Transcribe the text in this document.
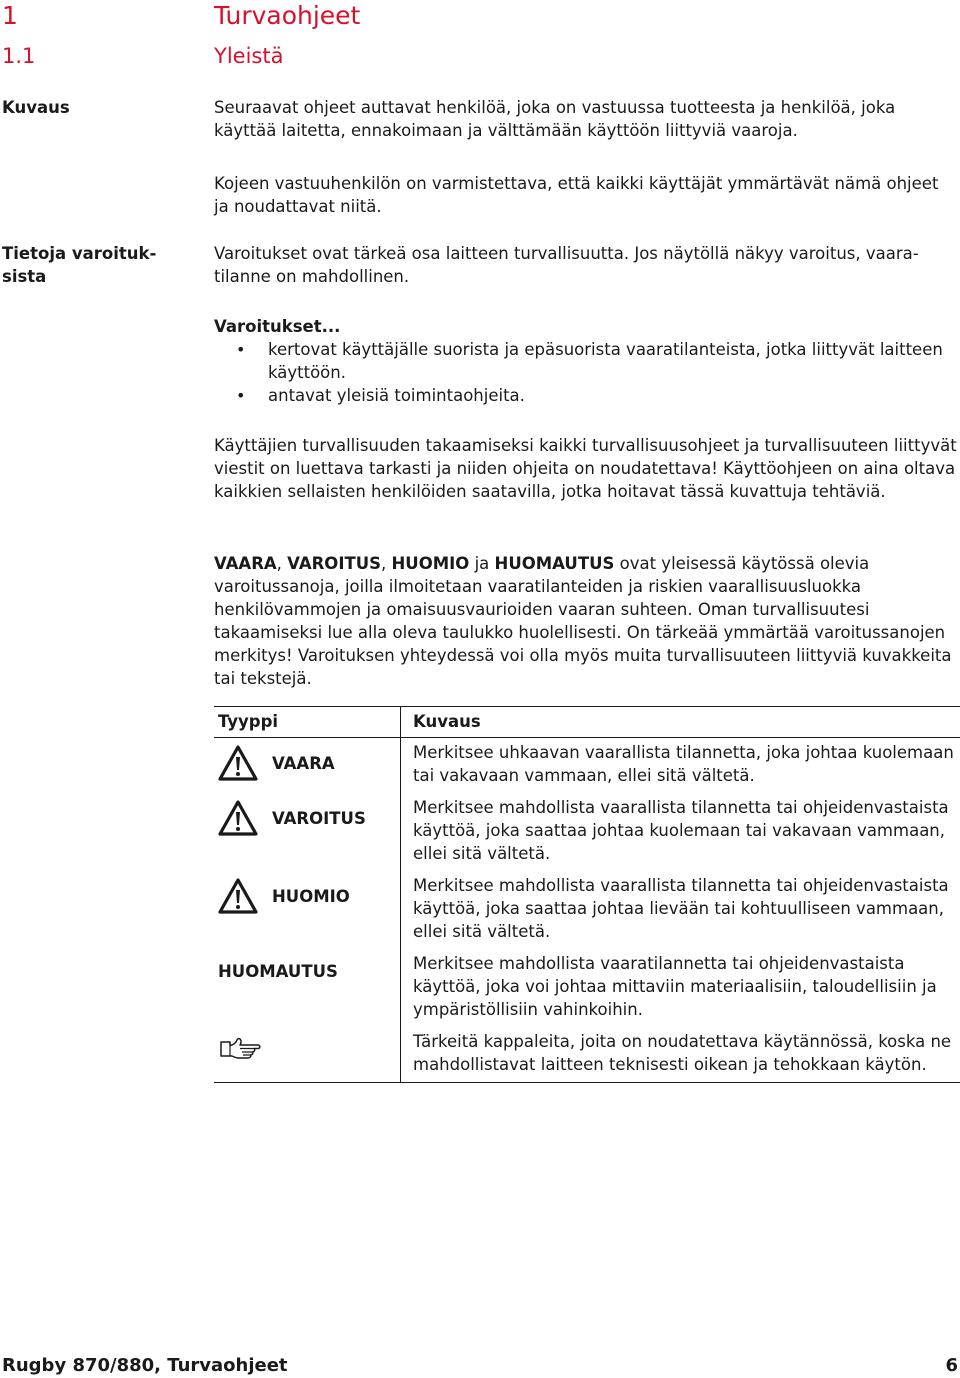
1	Turvaohjeet
1.1	Yleistä
Kuvaus	Seuraavat ohjeet auttavat henkilöä, joka on vastuussa tuotteesta ja henkilöä, joka käyttää laitetta, ennakoimaan ja välttämään käyttöön liittyviä vaaroja.

Kojeen vastuuhenkilön on varmistettava, että kaikki käyttäjät ymmärtävät nämä ohjeet ja noudattavat niitä.

Tietoja varoituk-
sista

Varoitukset ovat tärkeä osa laitteen turvallisuutta. Jos näytöllä näkyy varoitus, vaara-tilanne on mahdollinen.

Varoitukset...

• kertovat käyttäjälle suorista ja epäsuorista vaaratilanteista, jotka liittyvät laitteen käyttöön.
• antavat yleisiä toimintaohjeita.

Käyttäjien turvallisuuden takaamiseksi kaikki turvallisuusohjeet ja turvallisuuteen liittyvät viestit on luettava tarkasti ja niiden ohjeita on noudatettava! Käyttöohjeen on aina oltava kaikkien sellaisten henkilöiden saatavilla, jotka hoitavat tässä kuvattuja tehtäviä.

VAARA, VAROITUS, HUOMIO ja HUOMAUTUS ovat yleisessä käytössä olevia varoitussanoja, joilla ilmoitetaan vaaratilanteiden ja riskien vaarallisuusluokka henkilövammojen ja omaisuusvaurioiden vaaran suhteen. Oman turvallisuutesi takaamiseksi lue alla oleva taulukko huolellisesti. On tärkeää ymmärtää varoitussanojen merkitys! Varoituksen yhteydessä voi olla myös muita turvallisuuteen liittyviä kuvakkeita tai tekstejä.

Tyyppi	Kuvaus

VAARA	Merkitsee uhkaavan vaarallista tilannetta, joka johtaa kuolemaan tai vakavaan vammaan, ellei sitä vältetä.

VAROITUS	Merkitsee mahdollista vaarallista tilannetta tai ohjeidenvastaista käyttöä, joka saattaa johtaa kuolemaan tai vakavaan vammaan, ellei sitä vältetä.

HUOMIO	Merkitsee mahdollista vaarallista tilannetta tai ohjeidenvastaista käyttöä, joka saattaa johtaa lievään tai kohtuulliseen vammaan, ellei sitä vältetä.

HUOMAUTUS	Merkitsee mahdollista vaaratilannetta tai ohjeidenvastaista käyttöä, joka voi johtaa mittaviin materiaalisiin, taloudellisiin ja ympäristöllisiin vahinkoihin.
	Tärkeitä kappaleita, joita on noudatettava käytännössä, koska ne mahdollistavat laitteen teknisesti oikean ja tehokkaan käytön.
Rugby 870/880, Turvaohjeet	6
